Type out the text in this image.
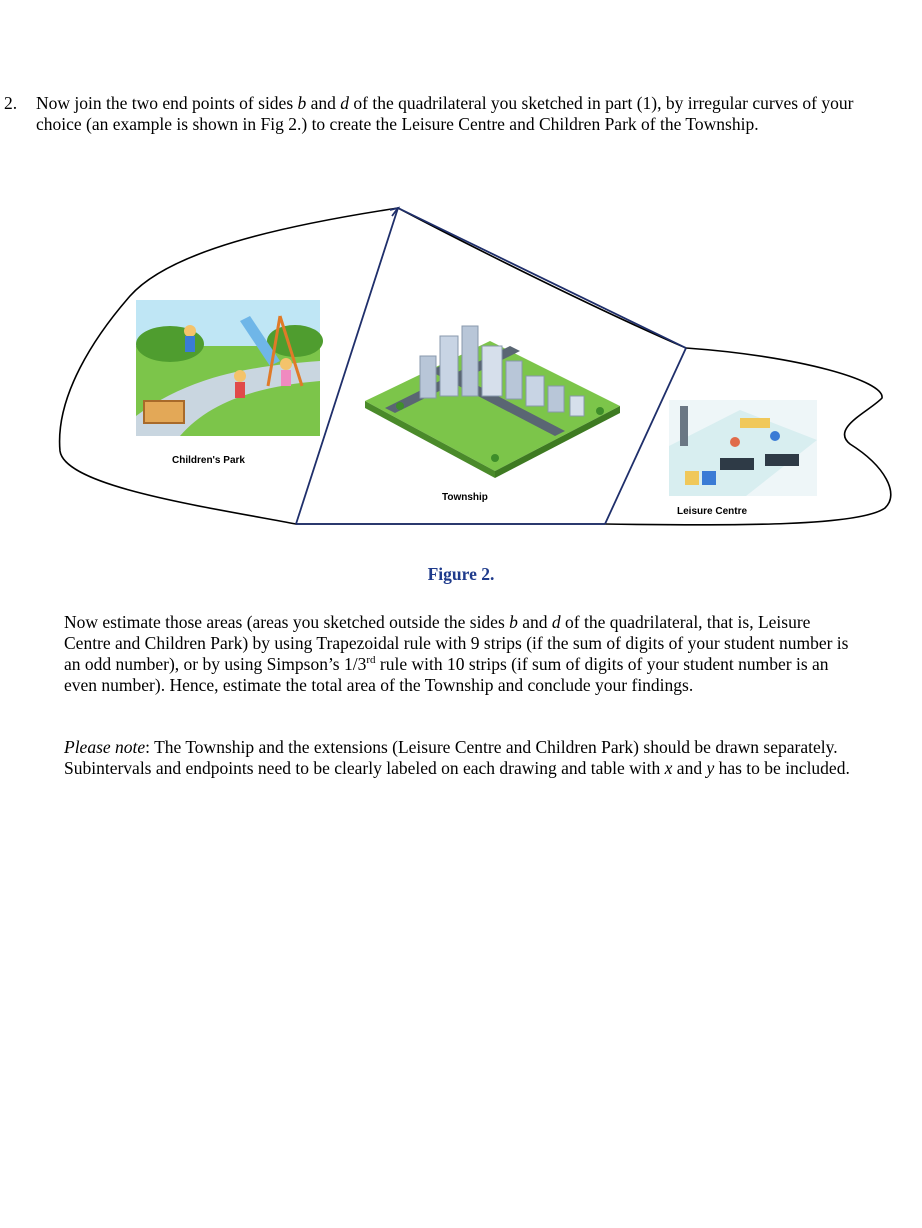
2. Now join the two end points of sides b and d of the quadrilateral you sketched in part (1), by irregular curves of your choice (an example is shown in Fig 2.) to create the Leisure Centre and Children Park of the Township.

Children's Park
Township
Leisure Centre
Figure 2.

Now estimate those areas (areas you sketched outside the sides b and d of the quadrilateral, that is, Leisure Centre and Children Park) by using Trapezoidal rule with 9 strips (if the sum of digits of your student number is an odd number), or by using Simpson’s 1/3rd rule with 10 strips (if sum of digits of your student number is an even number). Hence, estimate the total area of the Township and conclude your findings.

Please note: The Township and the extensions (Leisure Centre and Children Park) should be drawn separately. Subintervals and endpoints need to be clearly labeled on each drawing and table with x and y has to be included.
